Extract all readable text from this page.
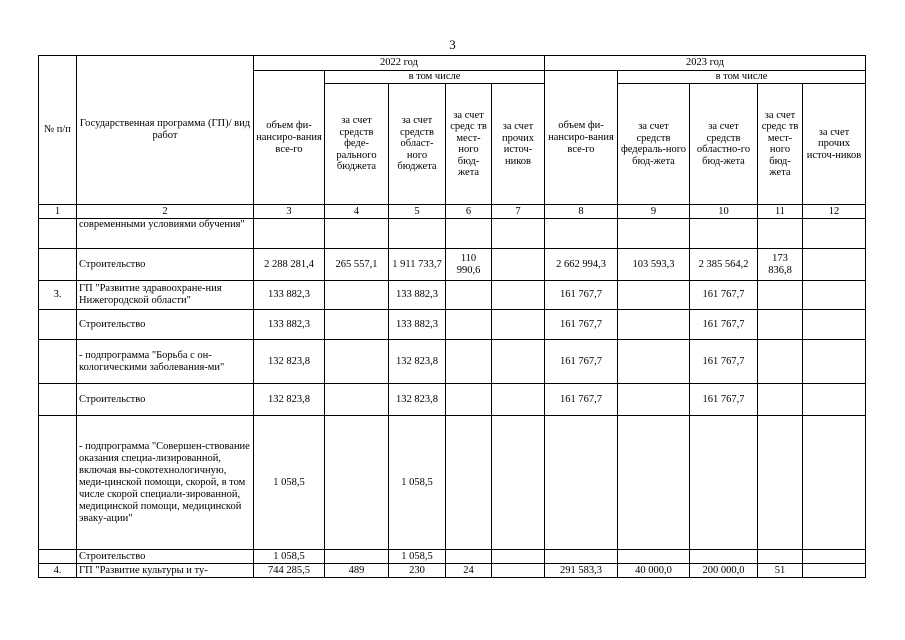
3
№ п/п	Государственная программа (ГП)/ вид работ	2022 год					2023 год				
		объем фи-нансиро-вания все-го	в том числе				объем фи-нансиро-вания все-го	в том числе			
			за счет средств феде-рального бюджета	за счет средств област-ного бюджета	за счет средс тв мест-ного бюд-жета	за счет прочих источ-ников		за счет средств федераль-ного бюд-жета	за счет средств областно-го бюд-жета	за счет средс тв мест-ного бюд-жета	за счет прочих источ-ников
1	2	3	4	5	6	7	8	9	10	11	12
	современными условиями обучения"										
	Строительство	2 288 281,4	265 557,1	1 911 733,7	110 990,6		2 662 994,3	103 593,3	2 385 564,2	173 836,8	
3.	ГП "Развитие здравоохране-ния Нижегородской области"	133 882,3		133 882,3			161 767,7		161 767,7		
	Строительство	133 882,3		133 882,3			161 767,7		161 767,7		
	- подпрограмма "Борьба с он-кологическими заболевания-ми"	132 823,8		132 823,8			161 767,7		161 767,7		
	Строительство	132 823,8		132 823,8			161 767,7		161 767,7		
	- подпрограмма "Совершен-ствование оказания специа-лизированной, включая вы-сокотехнологичную, меди-цинской помощи, скорой, в том числе скорой специали-зированной, медицинской помощи, медицинской эваку-ации"	1 058,5		1 058,5							
	Строительство	1 058,5		1 058,5							
4.	ГП "Развитие культуры и ту-	744 285,5	489	230	24		291 583,3	40 000,0	200 000,0	51	
